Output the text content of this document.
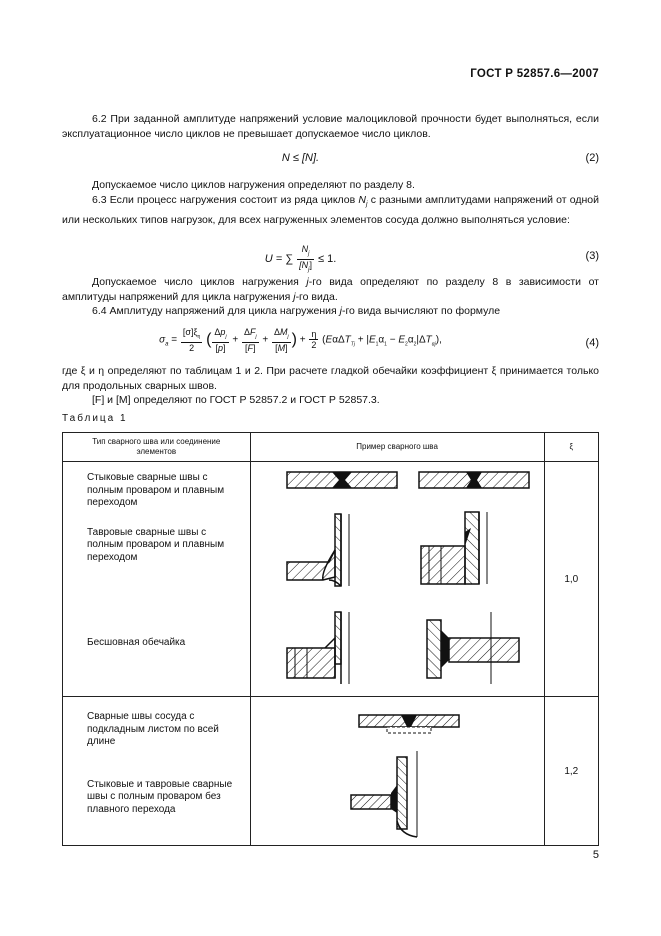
ГОСТ Р 52857.6—2007

6.2 При заданной амплитуде напряжений условие малоцикловой прочности будет выполняться, если эксплуатационное число циклов не превышает допускаемое число циклов.

N ≤ [N].	(2)

Допускаемое число циклов нагружения определяют по разделу 8.

6.3 Если процесс нагружения состоит из ряда циклов $N_j$ с разными амплитудами напряжений от одной или нескольких типов нагрузок, для всех нагруженных элементов сосуда должно выполняться условие:

U = ∑ $\frac{N_j}{[N_j]} \le 1$.	(3)

Допускаемое число циклов нагружения j-го вида определяют по разделу 8 в зависимости от амплитуды напряжений для цикла нагружения j-го вида.

6.4 Амплитуду напряжений для цикла нагружения j-го вида вычисляют по формуле

$\sigma_a = \frac{[\sigma]\xi_\eta}{2}$ ( $\frac{\Delta p_j}{[p]} + \frac{\Delta F_j}{[F]} + \frac{\Delta M_j}{[M]}$ ) + $\frac{\eta}{2} (E\alpha\Delta T_{Tj} + |E_1\alpha_1 - E_2\alpha_2|\Delta T_{\alpha j})$,	(4)

где ξ и η определяют по таблицам 1 и 2. При расчете гладкой обечайки коэффициент ξ принимается только для продольных сварных швов.

[F] и [M] определяют по ГОСТ Р 52857.2 и ГОСТ Р 52857.3.

Таблица 1
Тип сварного шва или соединение элементов	Пример сварного шва	ξ

Стыковые сварные швы с полным проваром и плавным переходом
Тавровые сварные швы с полным проваром и плавным переходом
Бесшовная обечайка		1,0

Сварные швы сосуда с подкладным листом по всей длине
Стыковые и тавровые сварные швы с полным проваром без плавного перехода		1,2
5
